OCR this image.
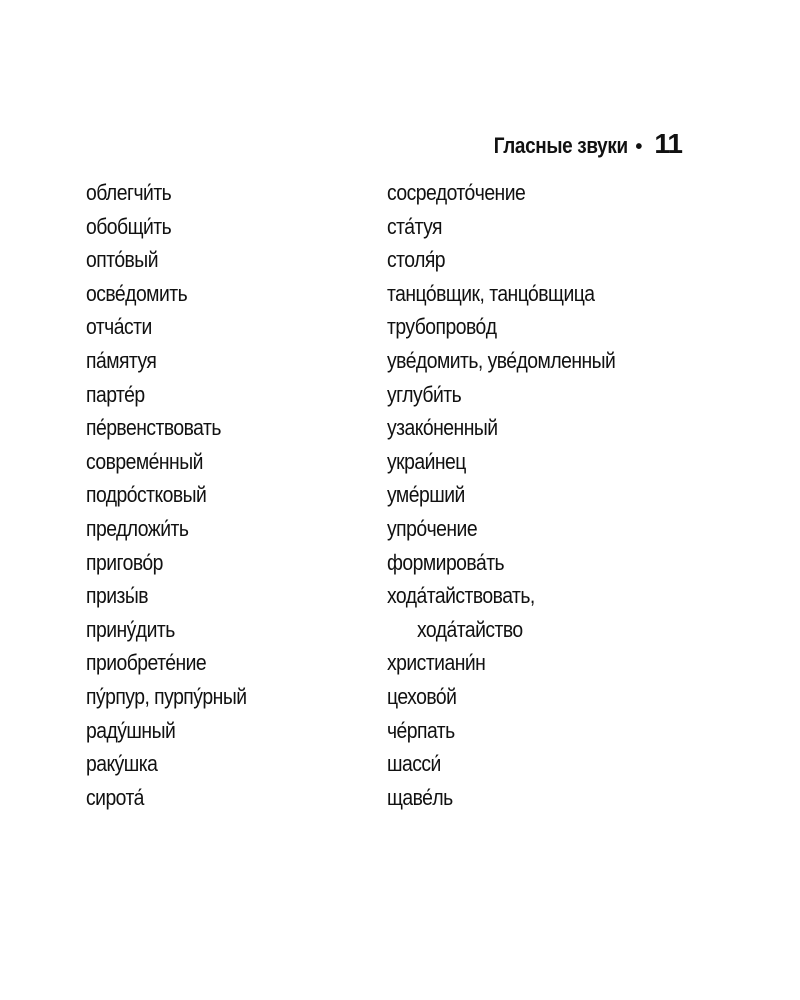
Гласные звуки • 11
облегчи́ть
обобщи́ть
опто́вый
осве́домить
отча́сти
па́мятуя
парте́р
пе́рвенствовать
совреме́нный
подро́стковый
предложи́ть
пригово́р
призы́в
прину́дить
приобрете́ние
пу́рпур, пурпу́рный
раду́шный
раку́шка
сирота́
сосредото́чение
ста́туя
столя́р
танцо́вщик, танцо́вщица
трубопрово́д
уве́домить, уве́домленный
углуби́ть
узако́ненный
украи́нец
уме́рший
упро́чение
формирова́ть
хода́тайствовать,
хода́тайство
христиани́н
цехово́й
че́рпать
шасси́
щаве́ль
